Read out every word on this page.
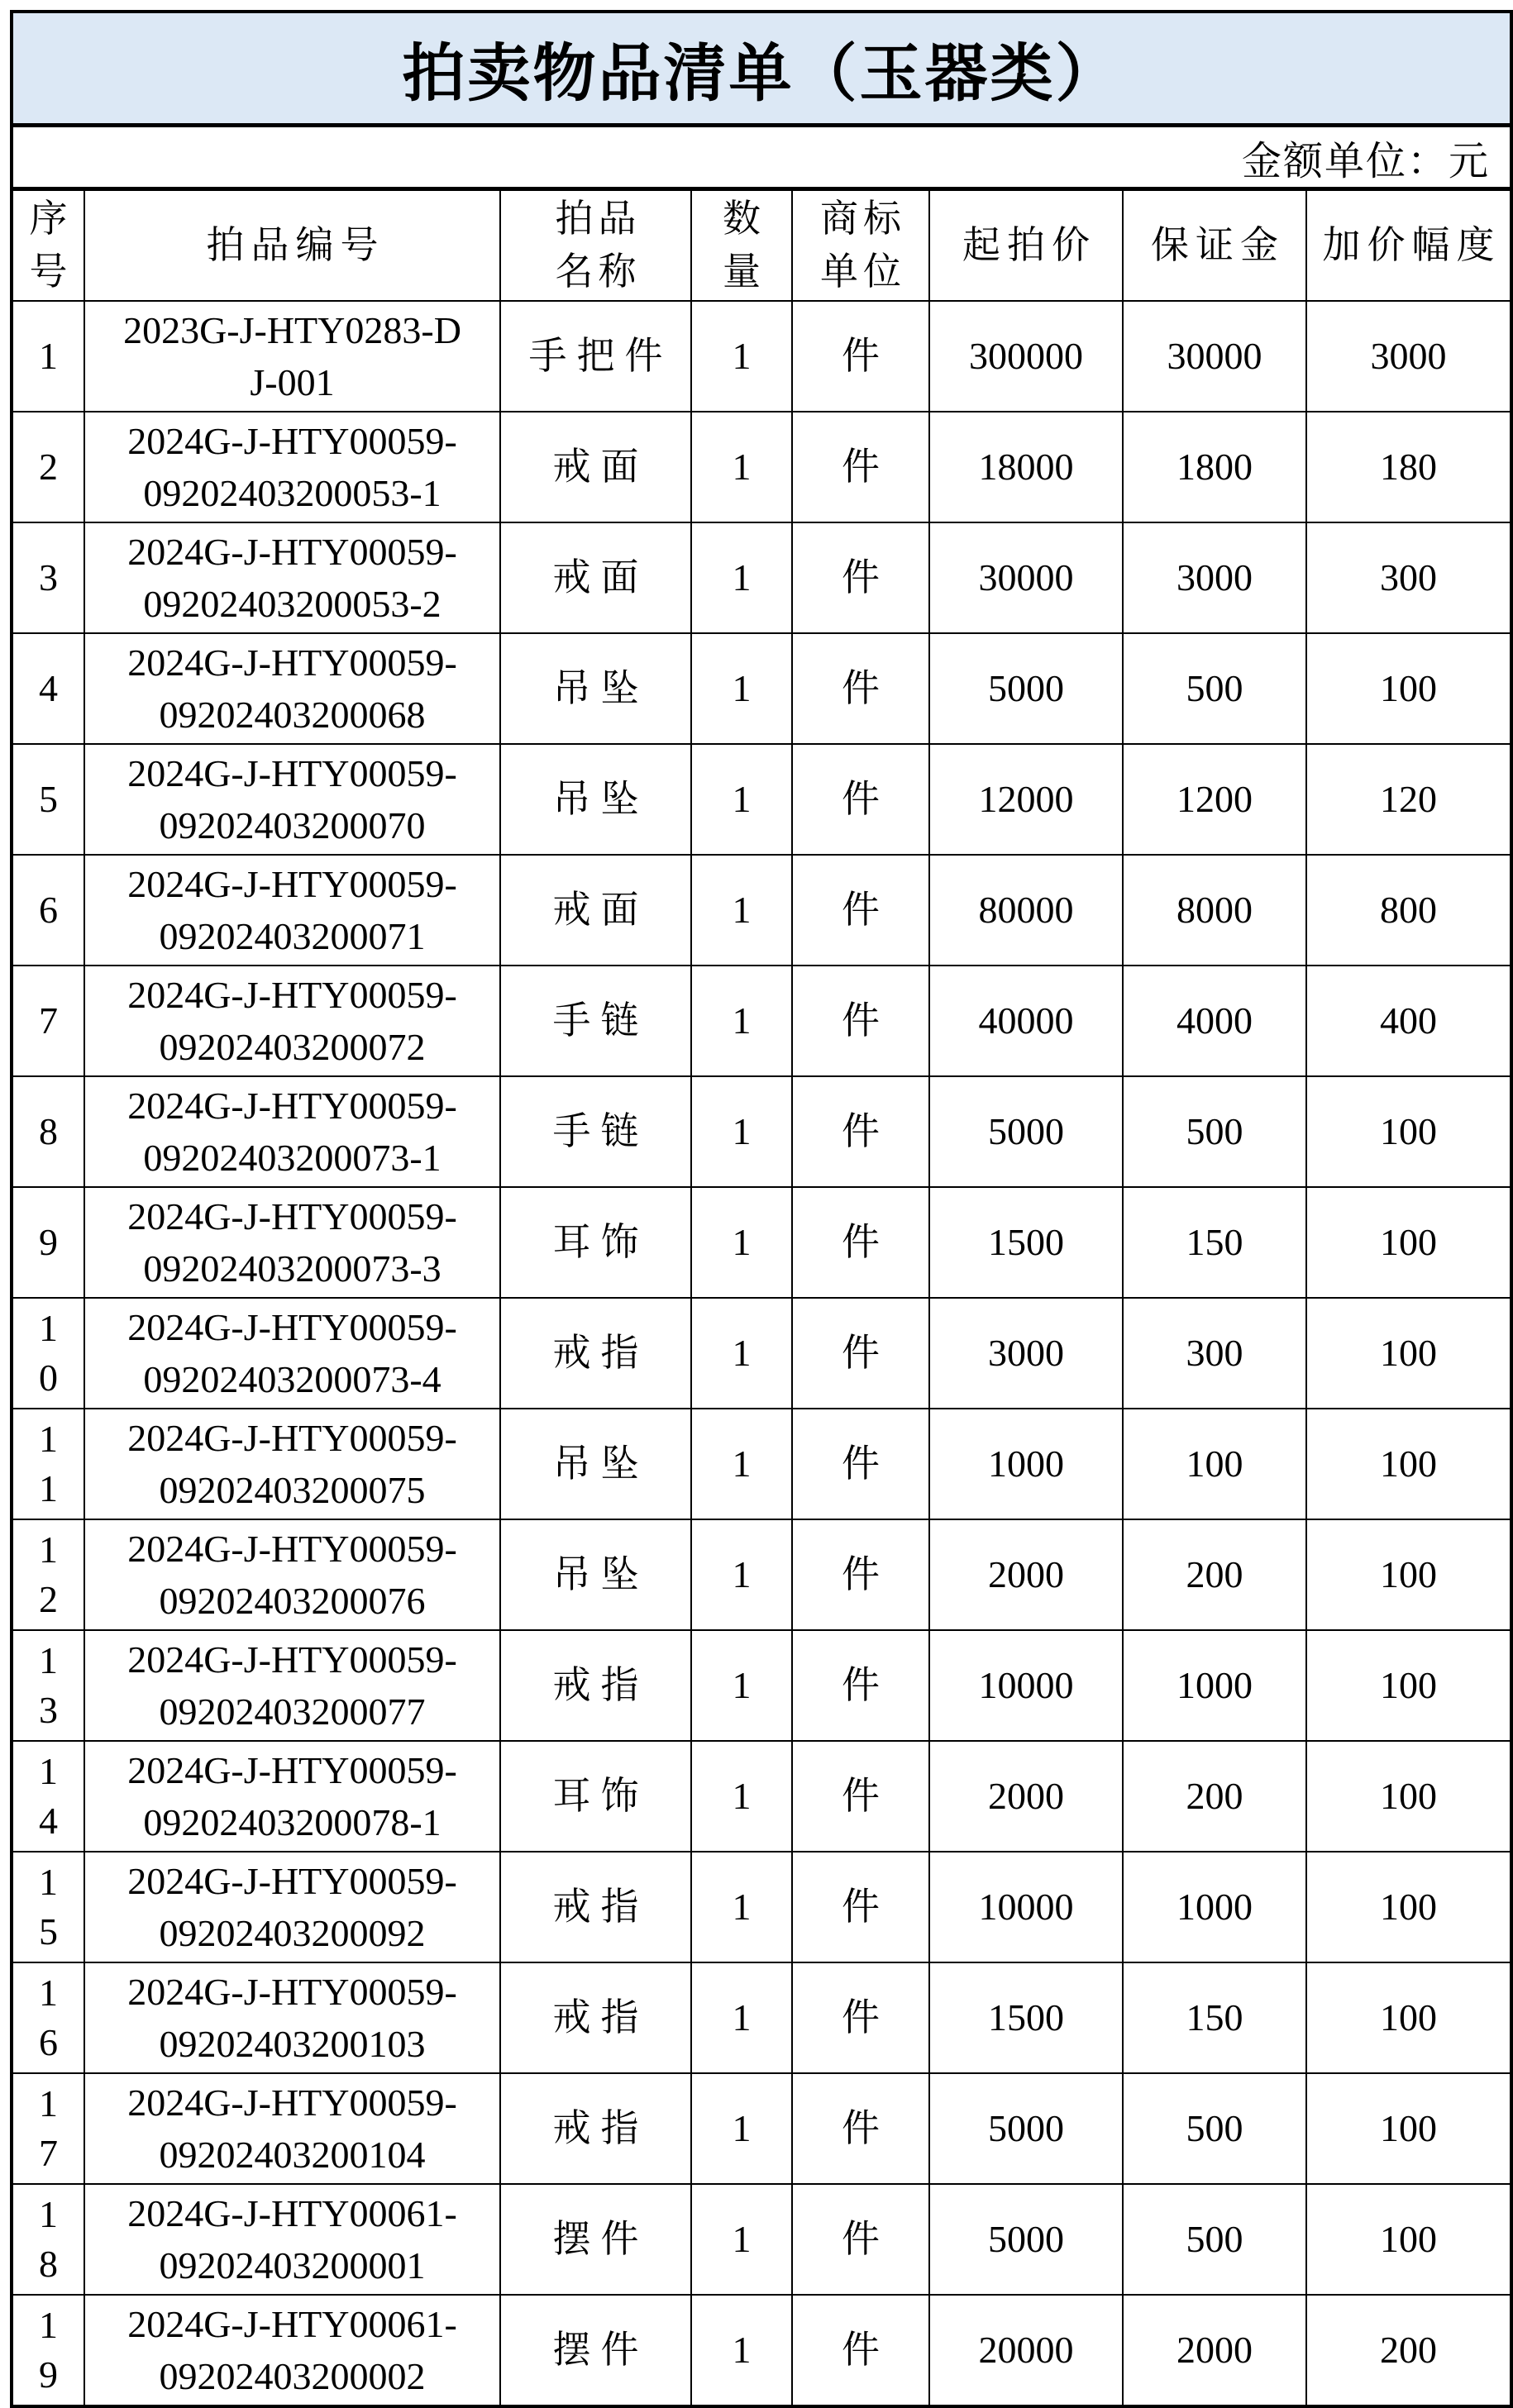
拍卖物品清单（玉器类）							
金额单位：元							

序号	拍品编号	拍品名称	数量	商标单位	起拍价	保证金	加价幅度

1	2023G-J-HTY0283-DJ-001	手把件	1	件	300000	30000	3000

2	2024G-J-HTY00059-09202403200053-1	戒面	1	件	18000	1800	180

3	2024G-J-HTY00059-09202403200053-2	戒面	1	件	30000	3000	300

4	2024G-J-HTY00059-09202403200068	吊坠	1	件	5000	500	100

5	2024G-J-HTY00059-09202403200070	吊坠	1	件	12000	1200	120

6	2024G-J-HTY00059-09202403200071	戒面	1	件	80000	8000	800

7	2024G-J-HTY00059-09202403200072	手链	1	件	40000	4000	400

8	2024G-J-HTY00059-09202403200073-1	手链	1	件	5000	500	100

9	2024G-J-HTY00059-09202403200073-3	耳饰	1	件	1500	150	100

10	2024G-J-HTY00059-09202403200073-4	戒指	1	件	3000	300	100

11	2024G-J-HTY00059-09202403200075	吊坠	1	件	1000	100	100

12	2024G-J-HTY00059-09202403200076	吊坠	1	件	2000	200	100

13	2024G-J-HTY00059-09202403200077	戒指	1	件	10000	1000	100

14	2024G-J-HTY00059-09202403200078-1	耳饰	1	件	2000	200	100

15	2024G-J-HTY00059-09202403200092	戒指	1	件	10000	1000	100

16	2024G-J-HTY00059-09202403200103	戒指	1	件	1500	150	100

17	2024G-J-HTY00059-09202403200104	戒指	1	件	5000	500	100

18	2024G-J-HTY00061-09202403200001	摆件	1	件	5000	500	100

19	2024G-J-HTY00061-09202403200002	摆件	1	件	20000	2000	200
